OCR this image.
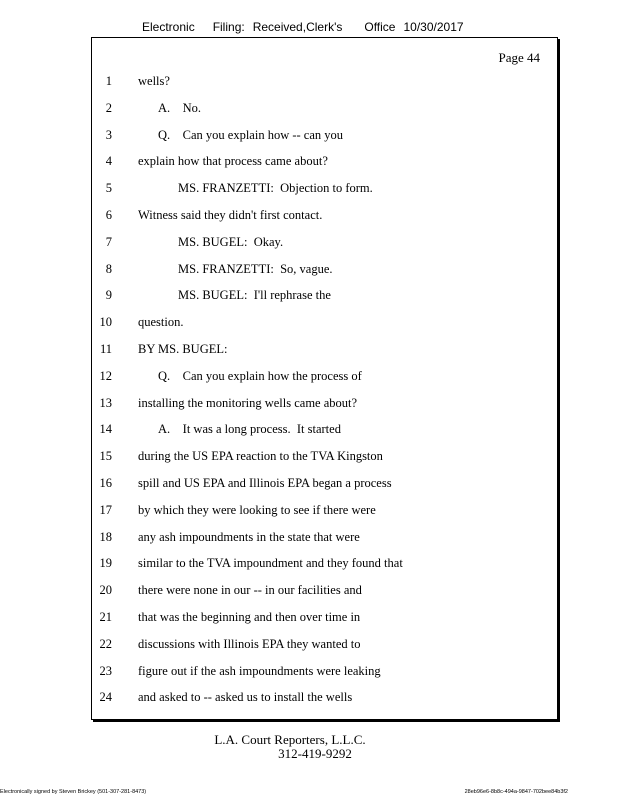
Electronic Filing: Received,Clerk's Office 10/30/2017
Page 44
1 wells?
2	A.    No.
3	Q.    Can you explain how -- can you
4 explain how that process came about?
5	MS. FRANZETTI:  Objection to form.
6 Witness said they didn't first contact.
7	MS. BUGEL:  Okay.
8	MS. FRANZETTI:  So, vague.
9	MS. BUGEL:  I'll rephrase the
10 question.
11 BY MS. BUGEL:
12	Q.    Can you explain how the process of
13 installing the monitoring wells came about?
14	A.    It was a long process.  It started
15 during the US EPA reaction to the TVA Kingston
16 spill and US EPA and Illinois EPA began a process
17 by which they were looking to see if there were
18 any ash impoundments in the state that were
19 similar to the TVA impoundment and they found that
20 there were none in our -- in our facilities and
21 that was the beginning and then over time in
22 discussions with Illinois EPA they wanted to
23 figure out if the ash impoundments were leaking
24 and asked to -- asked us to install the wells
L.A. Court Reporters, L.L.C.
312-419-9292
Electronically signed by Steven Brickey (501-307-281-8473)	28eb96e6-8b8c-494a-9847-702bee84b3f2
